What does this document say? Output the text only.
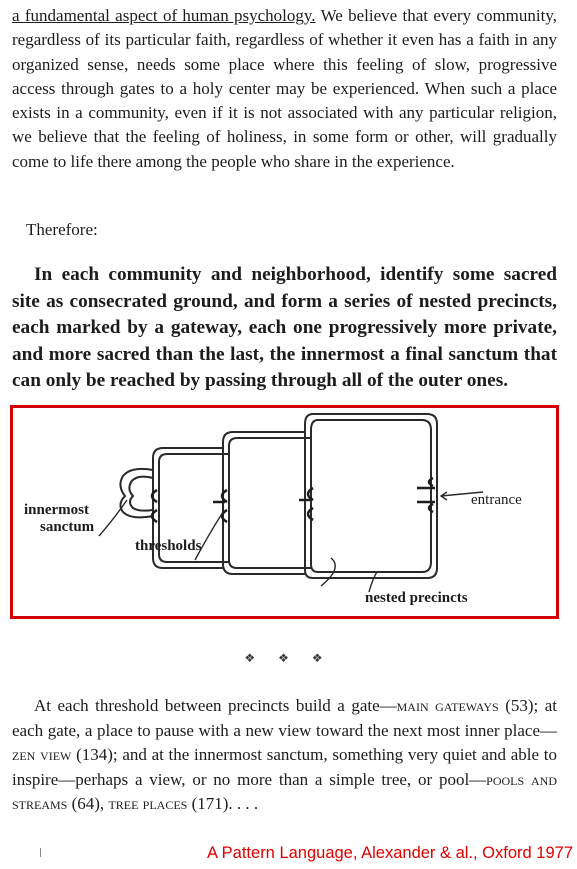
a fundamental aspect of human psychology. We believe that every community, regardless of its particular faith, regardless of whether it even has a faith in any organized sense, needs some place where this feeling of slow, progressive access through gates to a holy center may be experienced. When such a place exists in a community, even if it is not associated with any particular religion, we believe that the feeling of holiness, in some form or other, will gradually come to life there among the people who share in the experience.

Therefore:

In each community and neighborhood, identify some sacred site as consecrated ground, and form a series of nested precincts, each marked by a gateway, each one progressively more private, and more sacred than the last, the innermost a final sanctum that can only be reached by passing through all of the outer ones.

innermost
sanctum
thresholds
entrance
nested precincts
❖ ❖ ❖

At each threshold between precincts build a gate—main gateways (53); at each gate, a place to pause with a new view toward the next most inner place—zen view (134); and at the innermost sanctum, something very quiet and able to inspire—perhaps a view, or no more than a simple tree, or pool—pools and streams (64), tree places (171). . . .

A Pattern Language, Alexander & al., Oxford 1977
